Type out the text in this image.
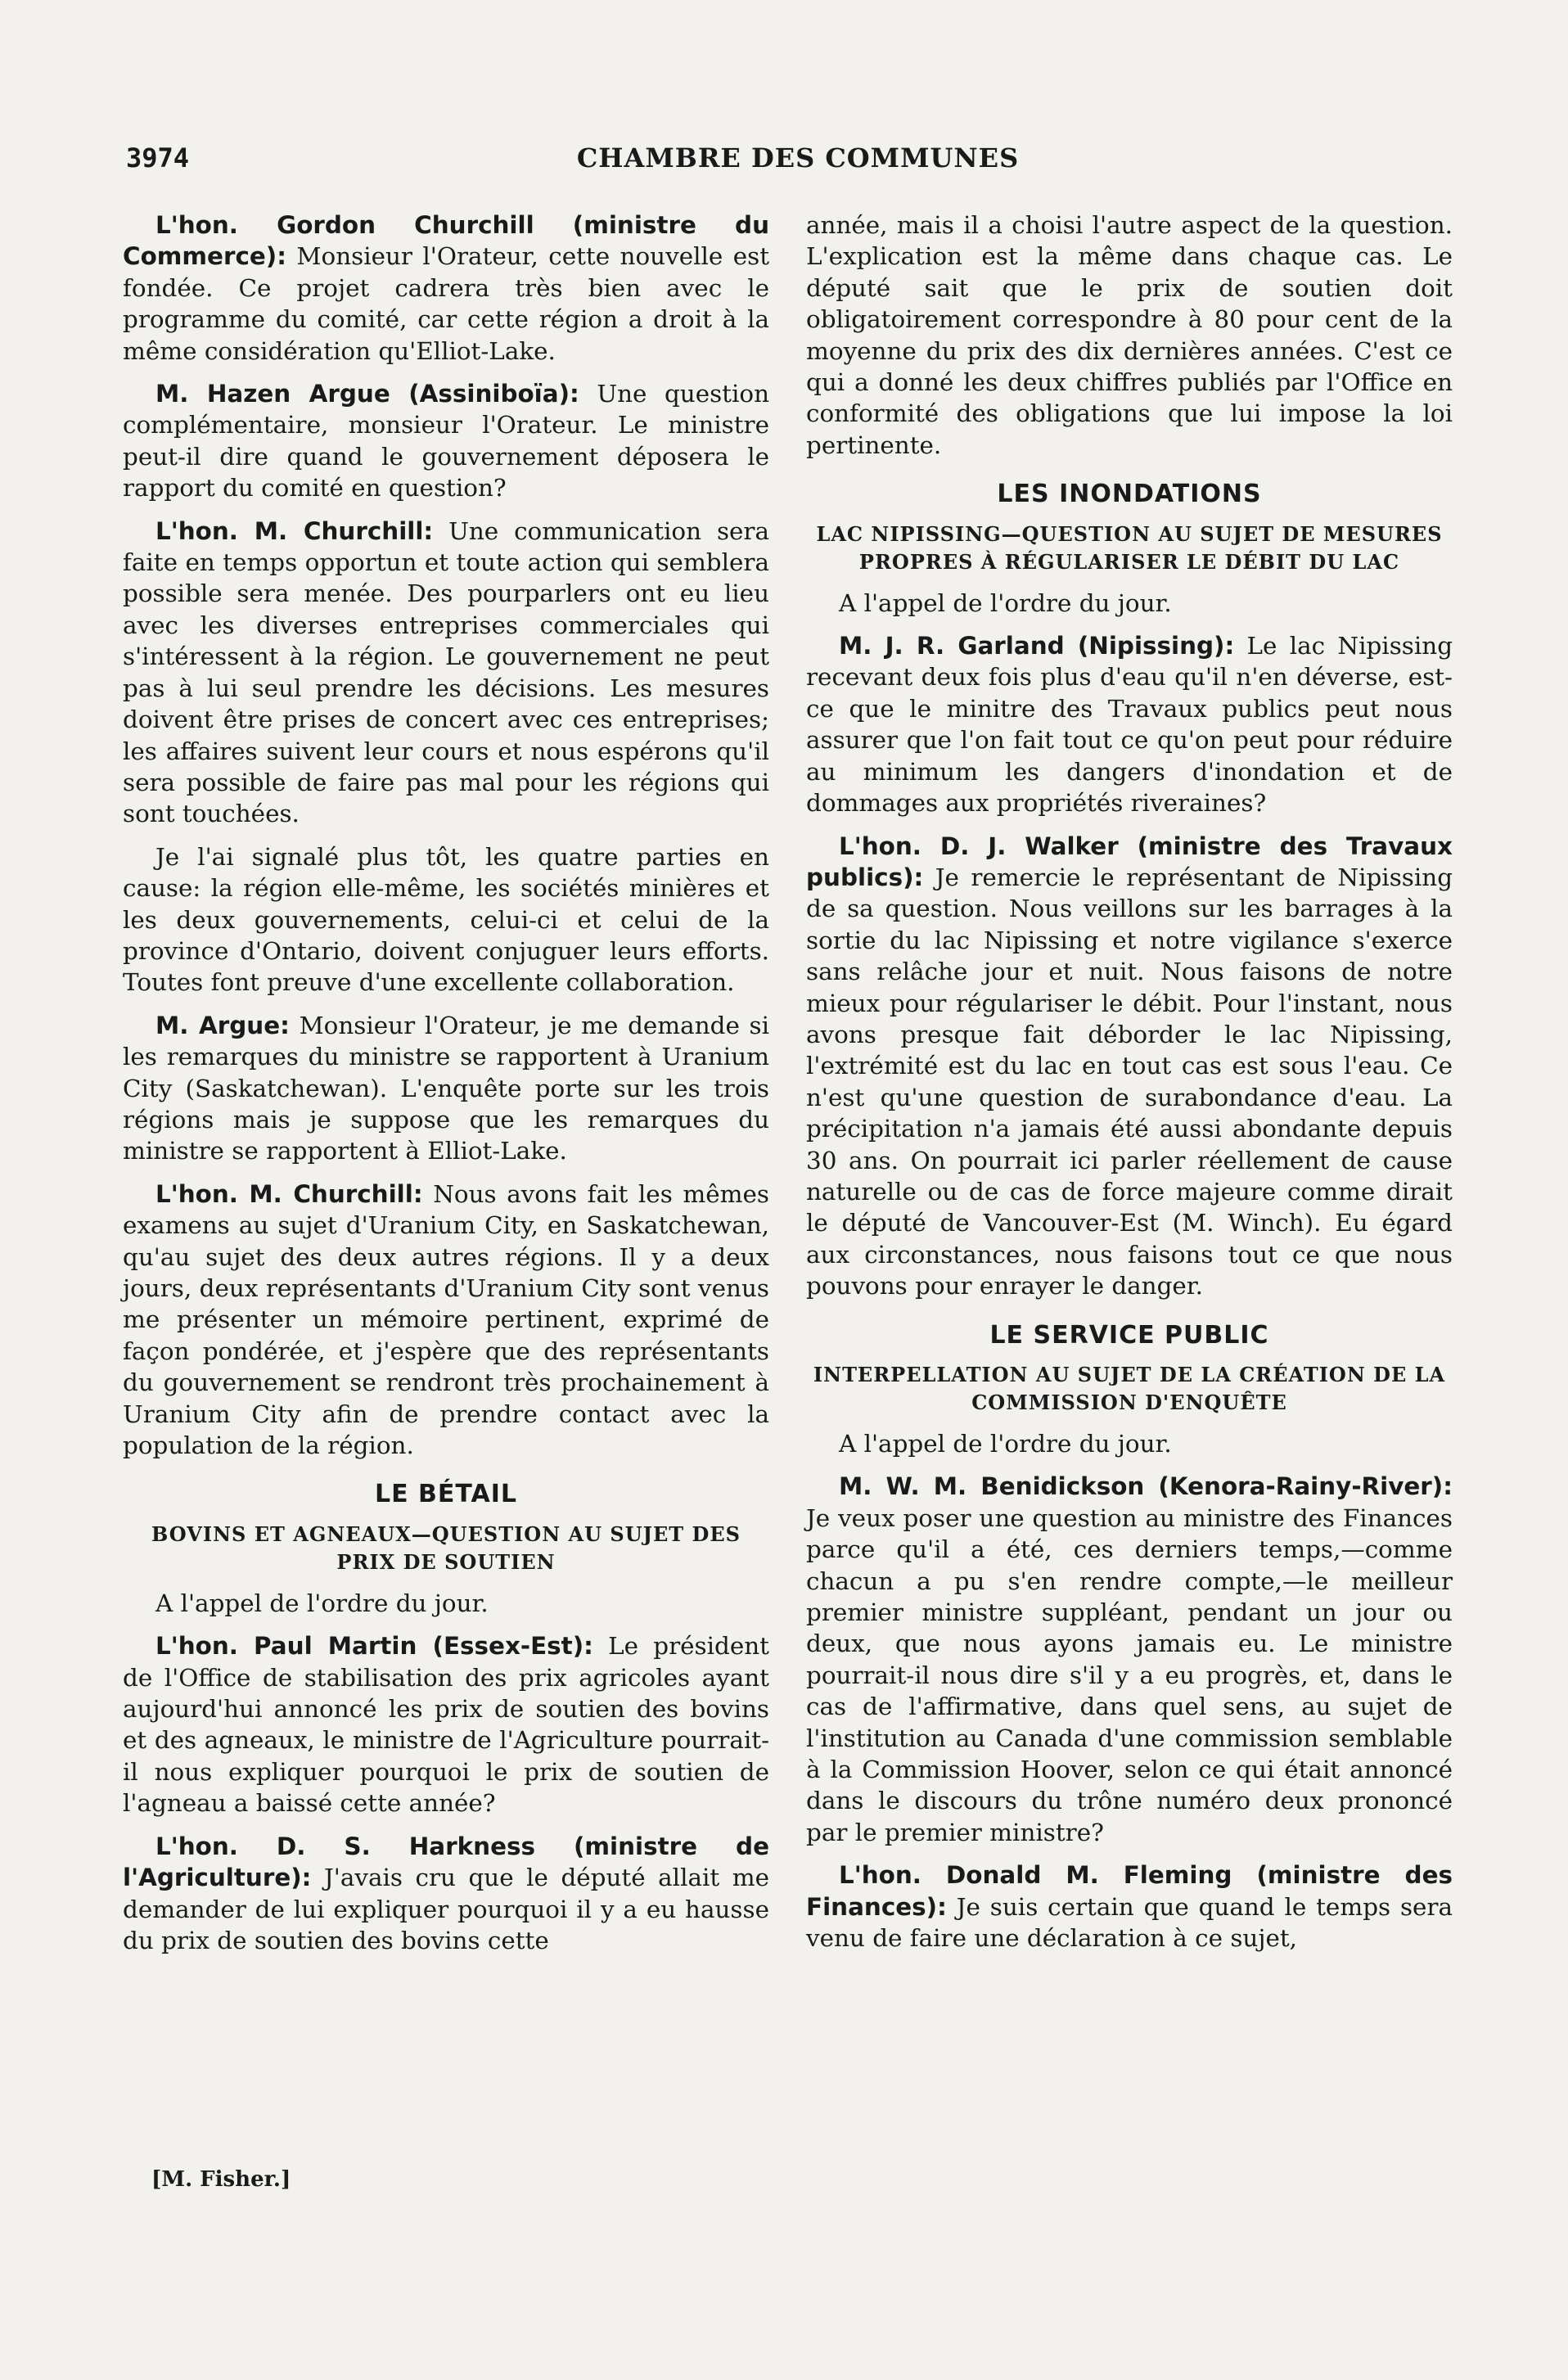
3974	CHAMBRE DES COMMUNES

L'hon. Gordon Churchill (ministre du Commerce): Monsieur l'Orateur, cette nouvelle est fondée. Ce projet cadrera très bien avec le programme du comité, car cette région a droit à la même considération qu'Elliot-Lake.

M. Hazen Argue (Assiniboïa): Une question complémentaire, monsieur l'Orateur. Le ministre peut-il dire quand le gouvernement déposera le rapport du comité en question?

L'hon. M. Churchill: Une communication sera faite en temps opportun et toute action qui semblera possible sera menée. Des pourparlers ont eu lieu avec les diverses entreprises commerciales qui s'intéressent à la région. Le gouvernement ne peut pas à lui seul prendre les décisions. Les mesures doivent être prises de concert avec ces entreprises; les affaires suivent leur cours et nous espérons qu'il sera possible de faire pas mal pour les régions qui sont touchées.

Je l'ai signalé plus tôt, les quatre parties en cause: la région elle-même, les sociétés minières et les deux gouvernements, celui-ci et celui de la province d'Ontario, doivent conjuguer leurs efforts. Toutes font preuve d'une excellente collaboration.

M. Argue: Monsieur l'Orateur, je me demande si les remarques du ministre se rapportent à Uranium City (Saskatchewan). L'enquête porte sur les trois régions mais je suppose que les remarques du ministre se rapportent à Elliot-Lake.

L'hon. M. Churchill: Nous avons fait les mêmes examens au sujet d'Uranium City, en Saskatchewan, qu'au sujet des deux autres régions. Il y a deux jours, deux représentants d'Uranium City sont venus me présenter un mémoire pertinent, exprimé de façon pondérée, et j'espère que des représentants du gouvernement se rendront très prochainement à Uranium City afin de prendre contact avec la population de la région.

LE BÉTAIL
BOVINS ET AGNEAUX—QUESTION AU SUJET DES PRIX DE SOUTIEN

A l'appel de l'ordre du jour.

L'hon. Paul Martin (Essex-Est): Le président de l'Office de stabilisation des prix agricoles ayant aujourd'hui annoncé les prix de soutien des bovins et des agneaux, le ministre de l'Agriculture pourrait-il nous expliquer pourquoi le prix de soutien de l'agneau a baissé cette année?

L'hon. D. S. Harkness (ministre de l'Agriculture): J'avais cru que le député allait me demander de lui expliquer pourquoi il y a eu hausse du prix de soutien des bovins cette

année, mais il a choisi l'autre aspect de la question. L'explication est la même dans chaque cas. Le député sait que le prix de soutien doit obligatoirement correspondre à 80 pour cent de la moyenne du prix des dix dernières années. C'est ce qui a donné les deux chiffres publiés par l'Office en conformité des obligations que lui impose la loi pertinente.

LES INONDATIONS
LAC NIPISSING—QUESTION AU SUJET DE MESURES PROPRES À RÉGULARISER LE DÉBIT DU LAC

A l'appel de l'ordre du jour.

M. J. R. Garland (Nipissing): Le lac Nipissing recevant deux fois plus d'eau qu'il n'en déverse, est-ce que le minitre des Travaux publics peut nous assurer que l'on fait tout ce qu'on peut pour réduire au minimum les dangers d'inondation et de dommages aux propriétés riveraines?

L'hon. D. J. Walker (ministre des Travaux publics): Je remercie le représentant de Nipissing de sa question. Nous veillons sur les barrages à la sortie du lac Nipissing et notre vigilance s'exerce sans relâche jour et nuit. Nous faisons de notre mieux pour régulariser le débit. Pour l'instant, nous avons presque fait déborder le lac Nipissing, l'extrémité est du lac en tout cas est sous l'eau. Ce n'est qu'une question de surabondance d'eau. La précipitation n'a jamais été aussi abondante depuis 30 ans. On pourrait ici parler réellement de cause naturelle ou de cas de force majeure comme dirait le député de Vancouver-Est (M. Winch). Eu égard aux circonstances, nous faisons tout ce que nous pouvons pour enrayer le danger.

LE SERVICE PUBLIC
INTERPELLATION AU SUJET DE LA CRÉATION DE LA COMMISSION D'ENQUÊTE

A l'appel de l'ordre du jour.

M. W. M. Benidickson (Kenora-Rainy-River): Je veux poser une question au ministre des Finances parce qu'il a été, ces derniers temps,—comme chacun a pu s'en rendre compte,—le meilleur premier ministre suppléant, pendant un jour ou deux, que nous ayons jamais eu. Le ministre pourrait-il nous dire s'il y a eu progrès, et, dans le cas de l'affirmative, dans quel sens, au sujet de l'institution au Canada d'une commission semblable à la Commission Hoover, selon ce qui était annoncé dans le discours du trône numéro deux prononcé par le premier ministre?

L'hon. Donald M. Fleming (ministre des Finances): Je suis certain que quand le temps sera venu de faire une déclaration à ce sujet,

[M. Fisher.]
